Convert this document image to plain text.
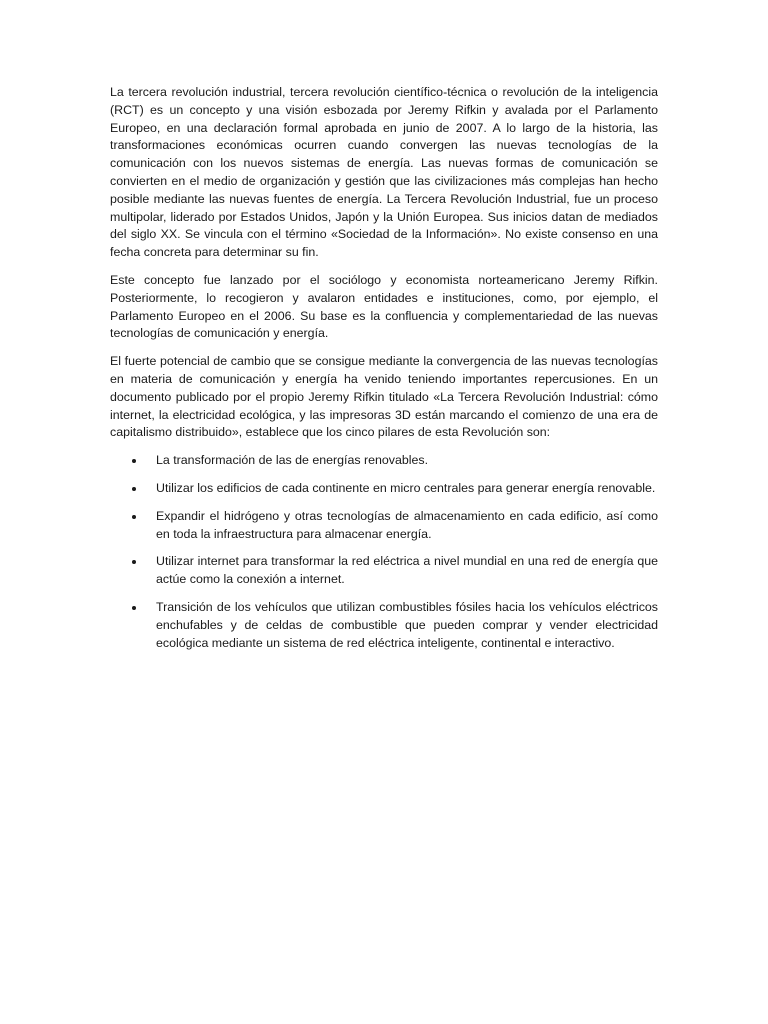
La tercera revolución industrial, tercera revolución científico-técnica o revolución de la inteligencia (RCT) es un concepto y una visión esbozada por Jeremy Rifkin y avalada por el Parlamento Europeo, en una declaración formal aprobada en junio de 2007. A lo largo de la historia, las transformaciones económicas ocurren cuando convergen las nuevas tecnologías de la comunicación con los nuevos sistemas de energía. Las nuevas formas de comunicación se convierten en el medio de organización y gestión que las civilizaciones más complejas han hecho posible mediante las nuevas fuentes de energía. La Tercera Revolución Industrial, fue un proceso multipolar, liderado por Estados Unidos, Japón y la Unión Europea. Sus inicios datan de mediados del siglo XX. Se vincula con el término «Sociedad de la Información». No existe consenso en una fecha concreta para determinar su fin.

Este concepto fue lanzado por el sociólogo y economista norteamericano Jeremy Rifkin. Posteriormente, lo recogieron y avalaron entidades e instituciones, como, por ejemplo, el Parlamento Europeo en el 2006. Su base es la confluencia y complementariedad de las nuevas tecnologías de comunicación y energía.

El fuerte potencial de cambio que se consigue mediante la convergencia de las nuevas tecnologías en materia de comunicación y energía ha venido teniendo importantes repercusiones. En un documento publicado por el propio Jeremy Rifkin titulado «La Tercera Revolución Industrial: cómo internet, la electricidad ecológica, y las impresoras 3D están marcando el comienzo de una era de capitalismo distribuido», establece que los cinco pilares de esta Revolución son:

La transformación de las de energías renovables.
Utilizar los edificios de cada continente en micro centrales para generar energía renovable.
Expandir el hidrógeno y otras tecnologías de almacenamiento en cada edificio, así como en toda la infraestructura para almacenar energía.
Utilizar internet para transformar la red eléctrica a nivel mundial en una red de energía que actúe como la conexión a internet.
Transición de los vehículos que utilizan combustibles fósiles hacia los vehículos eléctricos enchufables y de celdas de combustible que pueden comprar y vender electricidad ecológica mediante un sistema de red eléctrica inteligente, continental e interactivo.
